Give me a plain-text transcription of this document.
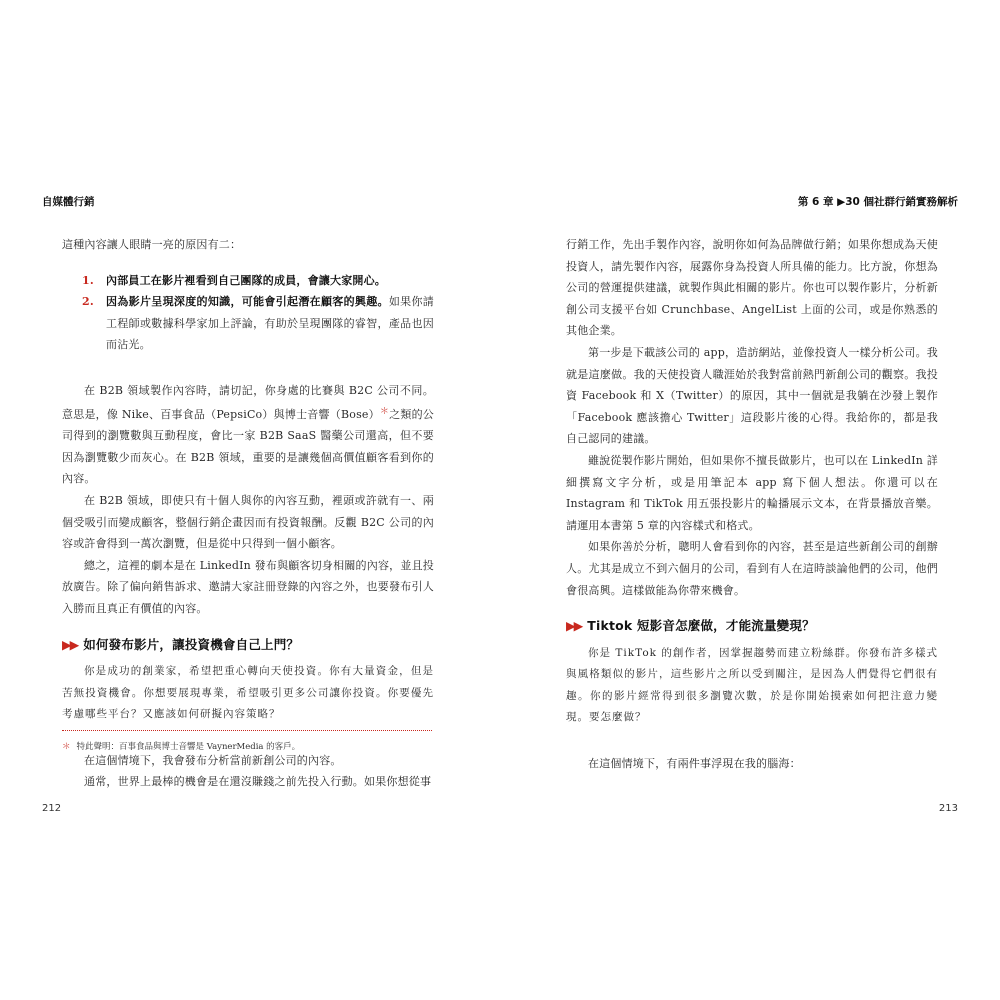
自媒體行銷

這種內容讓人眼睛一亮的原因有二：

1. 內部員工在影片裡看到自己團隊的成員，會讓大家開心。
2. 因為影片呈現深度的知識，可能會引起潛在顧客的興趣。如果你請工程師或數據科學家加上評論，有助於呈現團隊的睿智，產品也因而沾光。

在 B2B 領域製作內容時，請切記，你身處的比賽與 B2C 公司不同。意思是，像 Nike、百事食品（PepsiCo）與博士音響（Bose）＊之類的公司得到的瀏覽數與互動程度，會比一家 B2B SaaS 醫藥公司還高，但不要因為瀏覽數少而灰心。在 B2B 領域，重要的是讓幾個高價值顧客看到你的內容。

在 B2B 領域，即使只有十個人與你的內容互動，裡頭或許就有一、兩個受吸引而變成顧客，整個行銷企畫因而有投資報酬。反觀 B2C 公司的內容或許會得到一萬次瀏覽，但是從中只得到一個小顧客。

總之，這裡的劇本是在 LinkedIn 發布與顧客切身相關的內容，並且投放廣告。除了偏向銷售訴求、邀請大家註冊登錄的內容之外，也要發布引人入勝而且真正有價值的內容。

▶▶ 如何發布影片，讓投資機會自己上門？

你是成功的創業家，希望把重心轉向天使投資。你有大量資金，但是苦無投資機會。你想要展現專業，希望吸引更多公司讓你投資。你要優先考慮哪些平台？又應該如何研擬內容策略？

在這個情境下，我會發布分析當前新創公司的內容。

通常，世界上最棒的機會是在還沒賺錢之前先投入行動。如果你想從事

＊ 特此聲明：百事食品與博士音響是 VaynerMedia 的客戶。
212
第 6 章 ▶30 個社群行銷實務解析

行銷工作，先出手製作內容，說明你如何為品牌做行銷；如果你想成為天使投資人，請先製作內容，展露你身為投資人所具備的能力。比方說，你想為公司的營運提供建議，就製作與此相關的影片。你也可以製作影片，分析新創公司支援平台如 Crunchbase、AngelList 上面的公司，或是你熟悉的其他企業。

第一步是下載該公司的 app，造訪網站，並像投資人一樣分析公司。我就是這麼做。我的天使投資人職涯始於我對當前熱門新創公司的觀察。我投資 Facebook 和 X（Twitter）的原因，其中一個就是我躺在沙發上製作「Facebook 應該擔心 Twitter」這段影片後的心得。我給你的，都是我自己認同的建議。

雖說從製作影片開始，但如果你不擅長做影片，也可以在 LinkedIn 詳細撰寫文字分析，或是用筆記本 app 寫下個人想法。你還可以在 Instagram 和 TikTok 用五張投影片的輪播展示文本，在背景播放音樂。請運用本書第 5 章的內容樣式和格式。

如果你善於分析，聰明人會看到你的內容，甚至是這些新創公司的創辦人。尤其是成立不到六個月的公司，看到有人在這時談論他們的公司，他們會很高興。這樣做能為你帶來機會。

▶▶ Tiktok 短影音怎麼做，才能流量變現？

你是 TikTok 的創作者，因掌握趨勢而建立粉絲群。你發布許多樣式與風格類似的影片，這些影片之所以受到關注，是因為人們覺得它們很有趣。你的影片經常得到很多瀏覽次數，於是你開始摸索如何把注意力變現。要怎麼做？

在這個情境下，有兩件事浮現在我的腦海：

213
